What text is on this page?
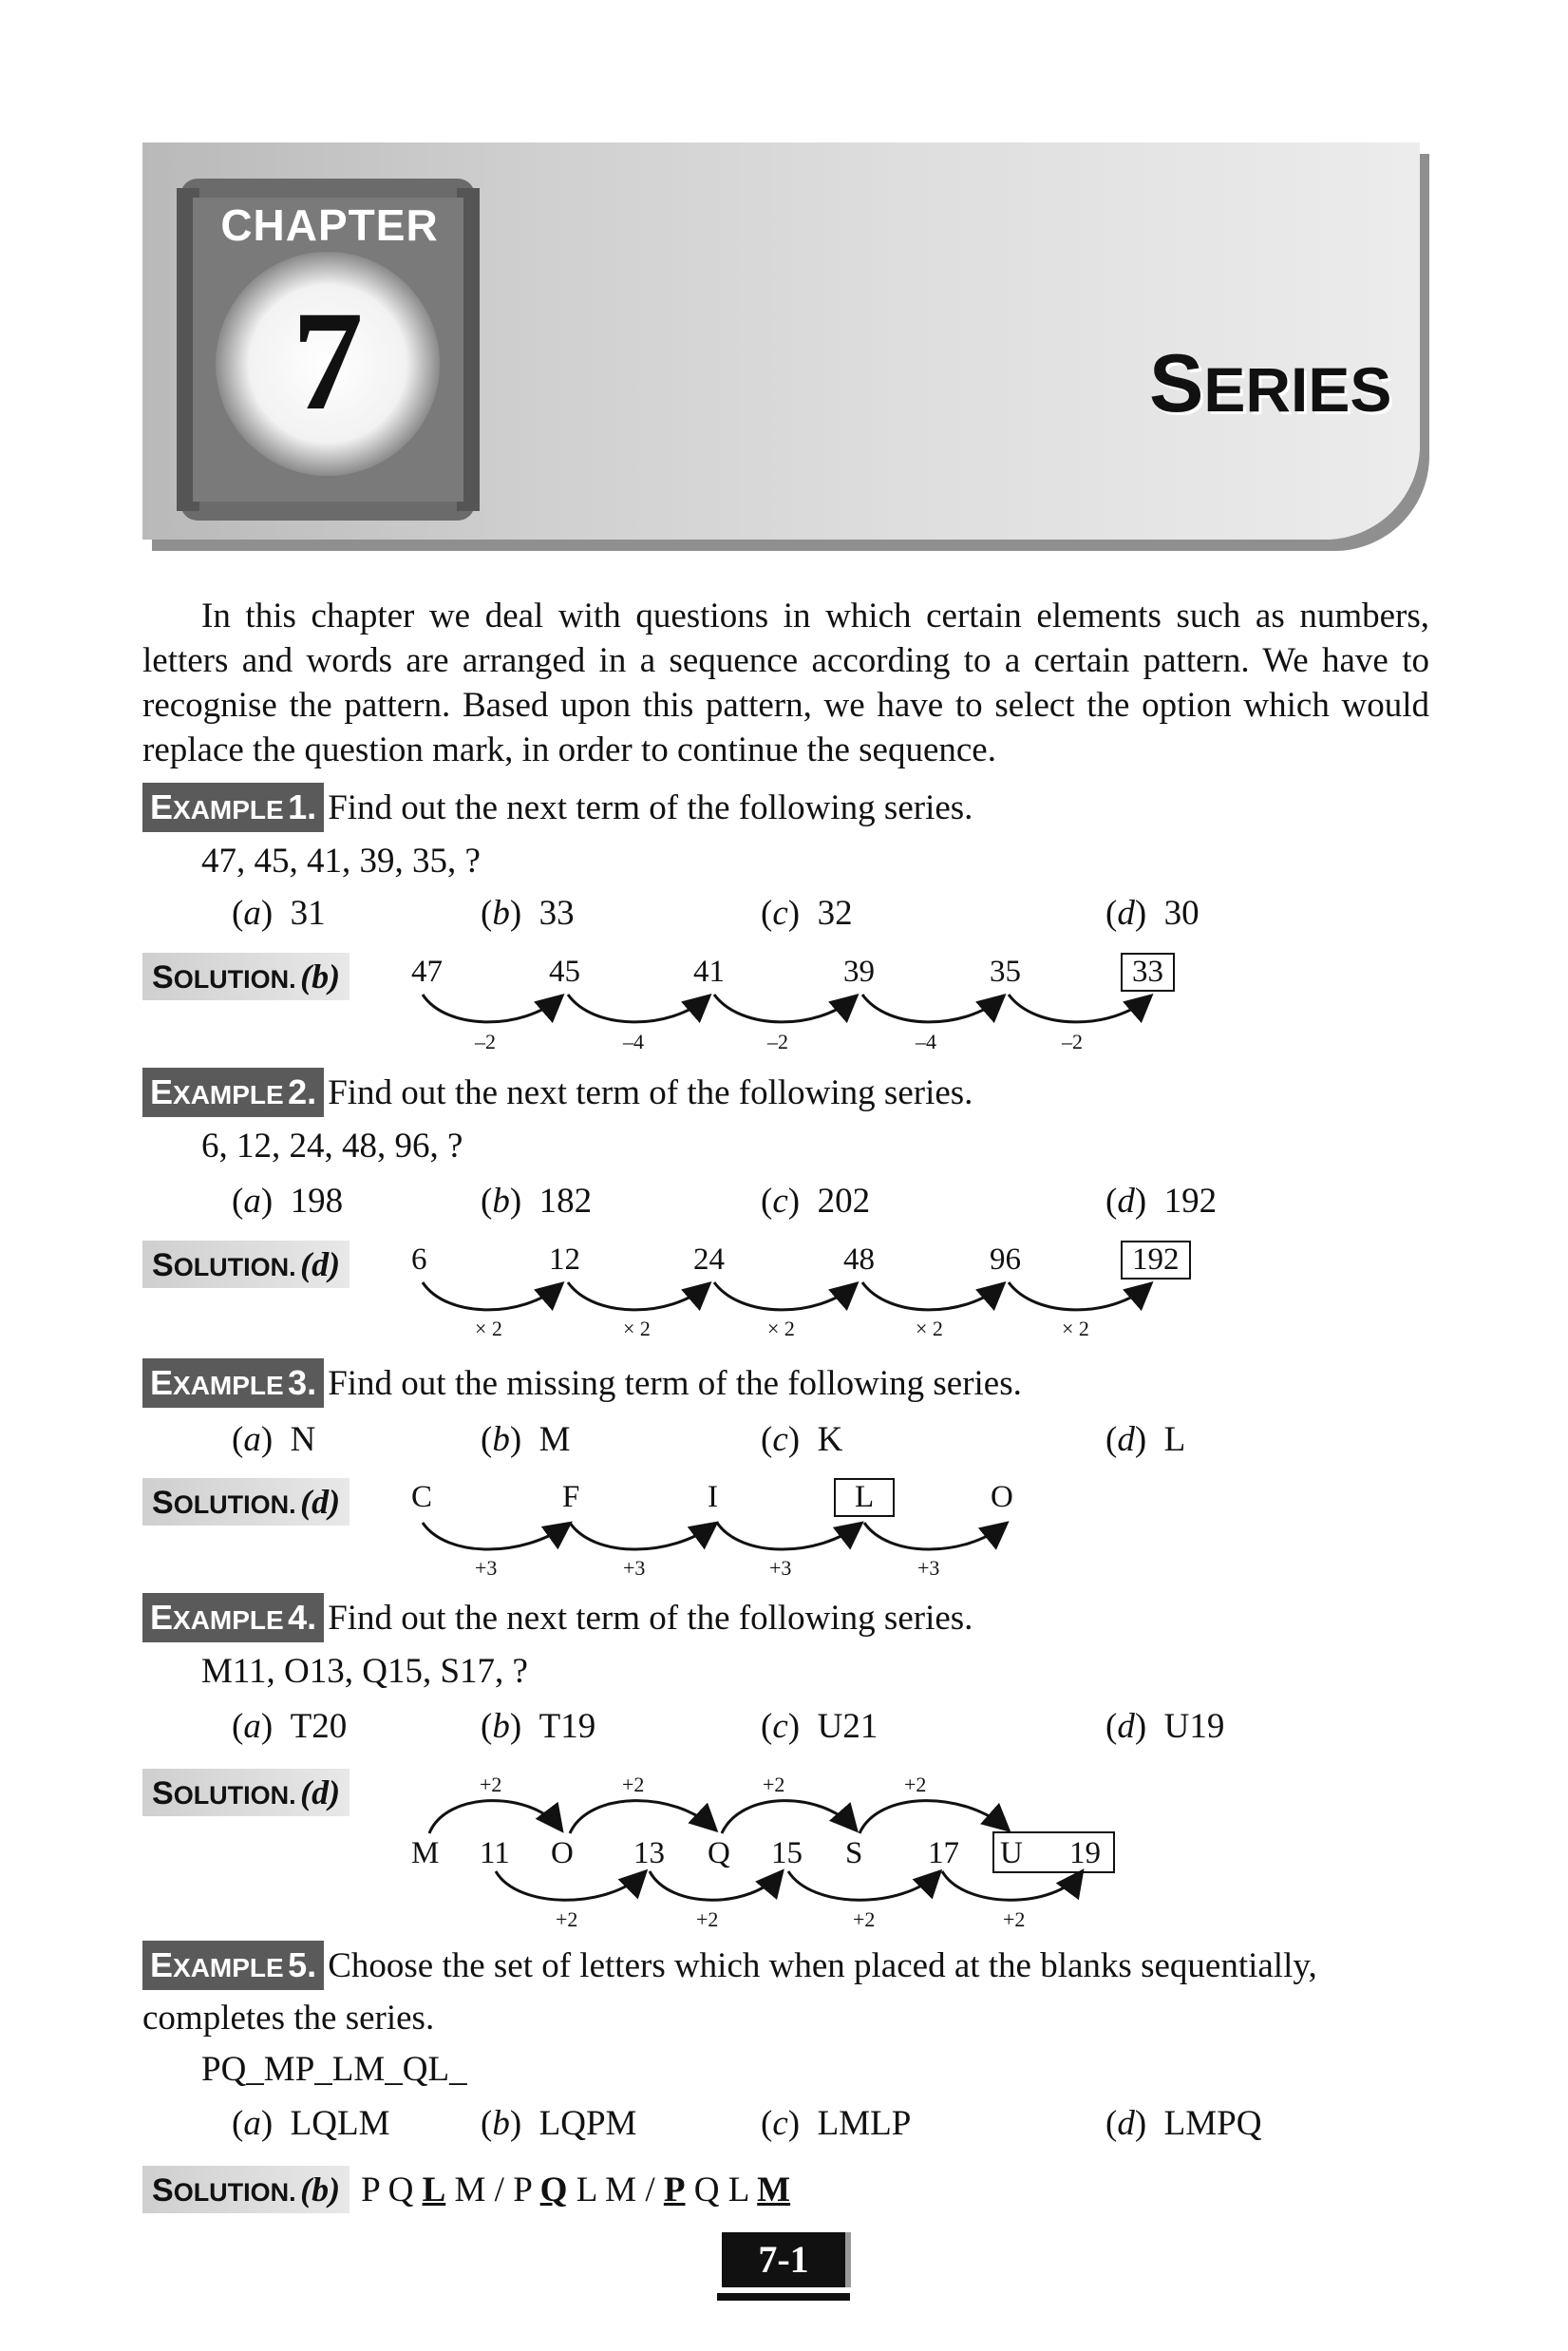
CHAPTER
7	SERIES
In this chapter we deal with questions in which certain elements such as numbers, letters and words are arranged in a sequence according to a certain pattern. We have to recognise the pattern. Based upon this pattern, we have to select the option which would replace the question mark, in order to continue the sequence.
EXAMPLE 1. Find out the next term of the following series.
47, 45, 41, 39, 35, ?
(a)  31	(b)  33	(c)  32	(d)  30
SOLUTION. (b)	47	45	41	39	35	33
–2	–4	–2	–4	–2
EXAMPLE 2. Find out the next term of the following series.
6, 12, 24, 48, 96, ?
(a)  198	(b)  182	(c)  202	(d)  192
SOLUTION. (d)	6	12	24	48	96	192
× 2	× 2	× 2	× 2	× 2
EXAMPLE 3. Find out the missing term of the following series.
(a)  N	(b)  M	(c)  K	(d)  L
SOLUTION. (d)	C	F	I	L	O
+3	+3	+3	+3
EXAMPLE 4. Find out the next term of the following series.
M11, O13, Q15, S17, ?
(a)  T20	(b)  T19	(c)  U21	(d)  U19
SOLUTION. (d)	+2	+2	+2	+2
M 11 O 13 Q 15 S 17 U 19
+2	+2	+2	+2
EXAMPLE 5. Choose the set of letters which when placed at the blanks sequentially, completes the series.
PQ_MP_LM_QL_
(a)  LQLM	(b)  LQPM	(c)  LMLP	(d)  LMPQ
SOLUTION. (b) P Q L M / P Q L M / P Q L M
7-1
